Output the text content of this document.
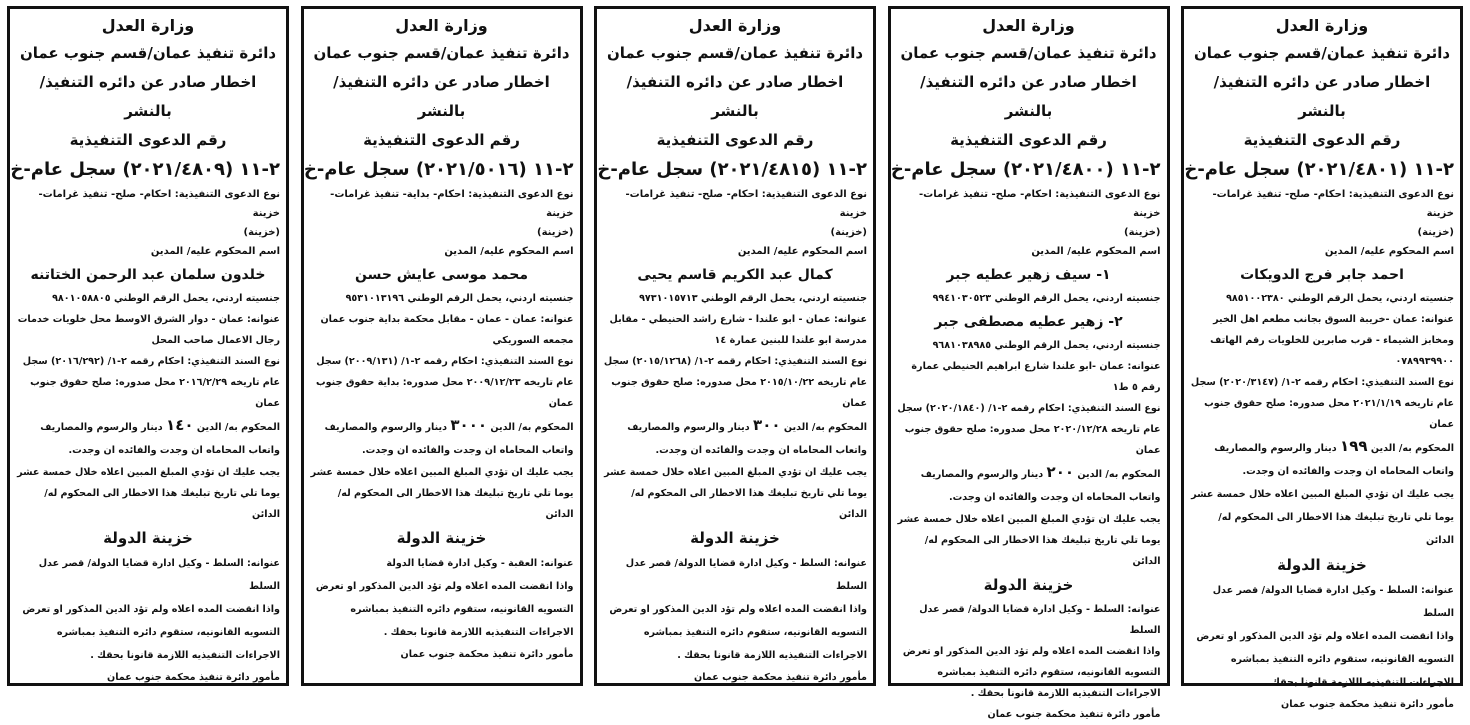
وزارة العدل
دائرة تنفيذ عمان/قسم جنوب عمان
اخطار صادر عن دائره التنفيذ/ بالنشر
رقم الدعوى التنفيذية
٢-١١ (٢٠٢١/٤٨٠١) سجل عام-خ
نوع الدعوى التنفيذية: احكام- صلح- تنفيذ غرامات- خزينة
(خزينة)
اسم المحكوم عليه/ المدين
احمد جابر فرج الدويكات
جنسيته اردني، يحمل الرقم الوطني ٩٨٥١٠٠٢٣٨٠
عنوانه: عمان -خريبة السوق بجانب مطعم اهل الخير ومخابز الشيماء - قرب صابرين للخلويات رقم الهاتف ٠٧٨٩٩٣٩٩٠٠
نوع السند التنفيذي: احكام رقمه ٢-١/ (٢٠٢٠/٣١٤٧) سجل عام تاريخه ٢٠٢١/١/١٩ محل صدوره: صلح حقوق جنوب عمان
المحكوم به/ الدين ١٩٩ دينار والرسوم والمصاريف واتعاب المحاماه ان وجدت والفائده ان وجدت.
يجب عليك ان تؤدي المبلغ المبين اعلاه خلال خمسة عشر يوما تلي تاريخ تبليغك هذا الاخطار الى المحكوم له/ الدائن
خزينة الدولة
عنوانه: السلط - وكيل ادارة قضايا الدولة/ قصر عدل السلط
واذا انقضت المده اعلاه ولم تؤد الدين المذكور او تعرض التسويه القانونيه، ستقوم دائره التنفيذ بمباشره الاجراءات التنفيذيه اللازمة قانونا بحقك .
مأمور دائرة تنفيذ محكمة جنوب عمان
وزارة العدل
دائرة تنفيذ عمان/قسم جنوب عمان
اخطار صادر عن دائره التنفيذ/ بالنشر
رقم الدعوى التنفيذية
٢-١١ (٢٠٢١/٤٨٠٠) سجل عام-خ
نوع الدعوى التنفيذية: احكام- صلح- تنفيذ غرامات- خزينة
(خزينة)
اسم المحكوم عليه/ المدين
١- سيف زهير عطيه جبر
جنسيته اردني، يحمل الرقم الوطني ٩٩٤١٠٣٠٥٢٣
٢- زهير عطيه مصطفى جبر
جنسيته اردني، يحمل الرقم الوطني ٩٦٨١٠٣٨٩٨٥
عنوانه: عمان -ابو علندا شارع ابراهيم الحنيطي عمارة رقم ٥ ط١
نوع السند التنفيذي: احكام رقمه ٢-١/ (٢٠٢٠/١٨٤٠) سجل عام تاريخه ٢٠٢٠/١٢/٢٨ محل صدوره: صلح حقوق جنوب عمان
المحكوم به/ الدين ٢٠٠ دينار والرسوم والمصاريف واتعاب المحاماه ان وجدت والفائده ان وجدت.
يجب عليك ان تؤدي المبلغ المبين اعلاه خلال خمسة عشر يوما تلي تاريخ تبليغك هذا الاخطار الى المحكوم له/ الدائن
خزينة الدولة
عنوانه: السلط - وكيل ادارة قضايا الدولة/ قصر عدل السلط
واذا انقضت المده اعلاه ولم تؤد الدين المذكور او تعرض التسويه القانونيه، ستقوم دائره التنفيذ بمباشره الاجراءات التنفيذيه اللازمة قانونا بحقك .
مأمور دائرة تنفيذ محكمة جنوب عمان
وزارة العدل
دائرة تنفيذ عمان/قسم جنوب عمان
اخطار صادر عن دائره التنفيذ/ بالنشر
رقم الدعوى التنفيذية
٢-١١ (٢٠٢١/٤٨١٥) سجل عام-خ
نوع الدعوى التنفيذية: احكام- صلح- تنفيذ غرامات- خزينة
(خزينة)
اسم المحكوم عليه/ المدين
كمال عبد الكريم قاسم يحيى
جنسيته اردني، يحمل الرقم الوطني ٩٧٣١٠١٥٧١٣
عنوانه: عمان - ابو علندا - شارع راشد الحنيطي - مقابل مدرسة ابو علندا للبنين عمارة ١٤
نوع السند التنفيذي: احكام رقمه ٢-١/ (٢٠١٥/١٢٦٨) سجل عام تاريخه ٢٠١٥/١٠/٢٢ محل صدوره: صلح حقوق جنوب عمان
المحكوم به/ الدين ٣٠٠ دينار والرسوم والمصاريف واتعاب المحاماه ان وجدت والفائده ان وجدت.
يجب عليك ان تؤدي المبلغ المبين اعلاه خلال خمسة عشر يوما تلي تاريخ تبليغك هذا الاخطار الى المحكوم له/ الدائن
خزينة الدولة
عنوانه: السلط - وكيل ادارة قضايا الدولة/ قصر عدل السلط
واذا انقضت المده اعلاه ولم تؤد الدين المذكور او تعرض التسويه القانونيه، ستقوم دائره التنفيذ بمباشره الاجراءات التنفيذيه اللازمة قانونا بحقك .
مأمور دائرة تنفيذ محكمة جنوب عمان
وزارة العدل
دائرة تنفيذ عمان/قسم جنوب عمان
اخطار صادر عن دائره التنفيذ/ بالنشر
رقم الدعوى التنفيذية
٢-١١ (٢٠٢١/٥٠١٦) سجل عام-خ
نوع الدعوى التنفيذية: احكام- بداية- تنفيذ غرامات- خزينة
(خزينة)
اسم المحكوم عليه/ المدين
محمد موسى عايش حسن
جنسيته اردني، يحمل الرقم الوطني ٩٥٣١٠١٣١٩٦
عنوانه: عمان - عمان - مقابل محكمة بداية جنوب عمان مجمعه السوريكي
نوع السند التنفيذي: احكام رقمه ٢-١/ (٢٠٠٩/١٣١) سجل عام تاريخه ٢٠٠٩/١٢/٢٣ محل صدوره: بداية حقوق جنوب عمان
المحكوم به/ الدين ٣٠٠٠ دينار والرسوم والمصاريف واتعاب المحاماه ان وجدت والفائده ان وجدت.
يجب عليك ان تؤدي المبلغ المبين اعلاه خلال خمسة عشر يوما تلي تاريخ تبليغك هذا الاخطار الى المحكوم له/ الدائن
خزينة الدولة
عنوانه: العقبة - وكيل ادارة قضايا الدولة
واذا انقضت المده اعلاه ولم تؤد الدين المذكور او تعرض التسويه القانونيه، ستقوم دائره التنفيذ بمباشره الاجراءات التنفيذيه اللازمة قانونا بحقك .
مأمور دائرة تنفيذ محكمة جنوب عمان
وزارة العدل
دائرة تنفيذ عمان/قسم جنوب عمان
اخطار صادر عن دائره التنفيذ/ بالنشر
رقم الدعوى التنفيذية
٢-١١ (٢٠٢١/٤٨٠٩) سجل عام-خ
نوع الدعوى التنفيذية: احكام- صلح- تنفيذ غرامات- خزينة
(خزينة)
اسم المحكوم عليه/ المدين
خلدون سلمان عبد الرحمن الختاتنه
جنسيته اردني، يحمل الرقم الوطني ٩٨٠١٠٥٨٨٠٥
عنوانه: عمان - دوار الشرق الاوسط محل خلويات خدمات رجال الاعمال صاحب المحل
نوع السند التنفيذي: احكام رقمه ٢-١/ (٢٠١٦/٢٩٢) سجل عام تاريخه ٢٠١٦/٢/٢٩ محل صدوره: صلح حقوق جنوب عمان
المحكوم به/ الدين ١٤٠ دينار والرسوم والمصاريف واتعاب المحاماه ان وجدت والفائده ان وجدت.
يجب عليك ان تؤدي المبلغ المبين اعلاه خلال خمسة عشر يوما تلي تاريخ تبليغك هذا الاخطار الى المحكوم له/ الدائن
خزينة الدولة
عنوانه: السلط - وكيل ادارة قضايا الدولة/ قصر عدل السلط
واذا انقضت المده اعلاه ولم تؤد الدين المذكور او تعرض التسويه القانونيه، ستقوم دائره التنفيذ بمباشره الاجراءات التنفيذيه اللازمة قانونا بحقك .
مأمور دائرة تنفيذ محكمة جنوب عمان
